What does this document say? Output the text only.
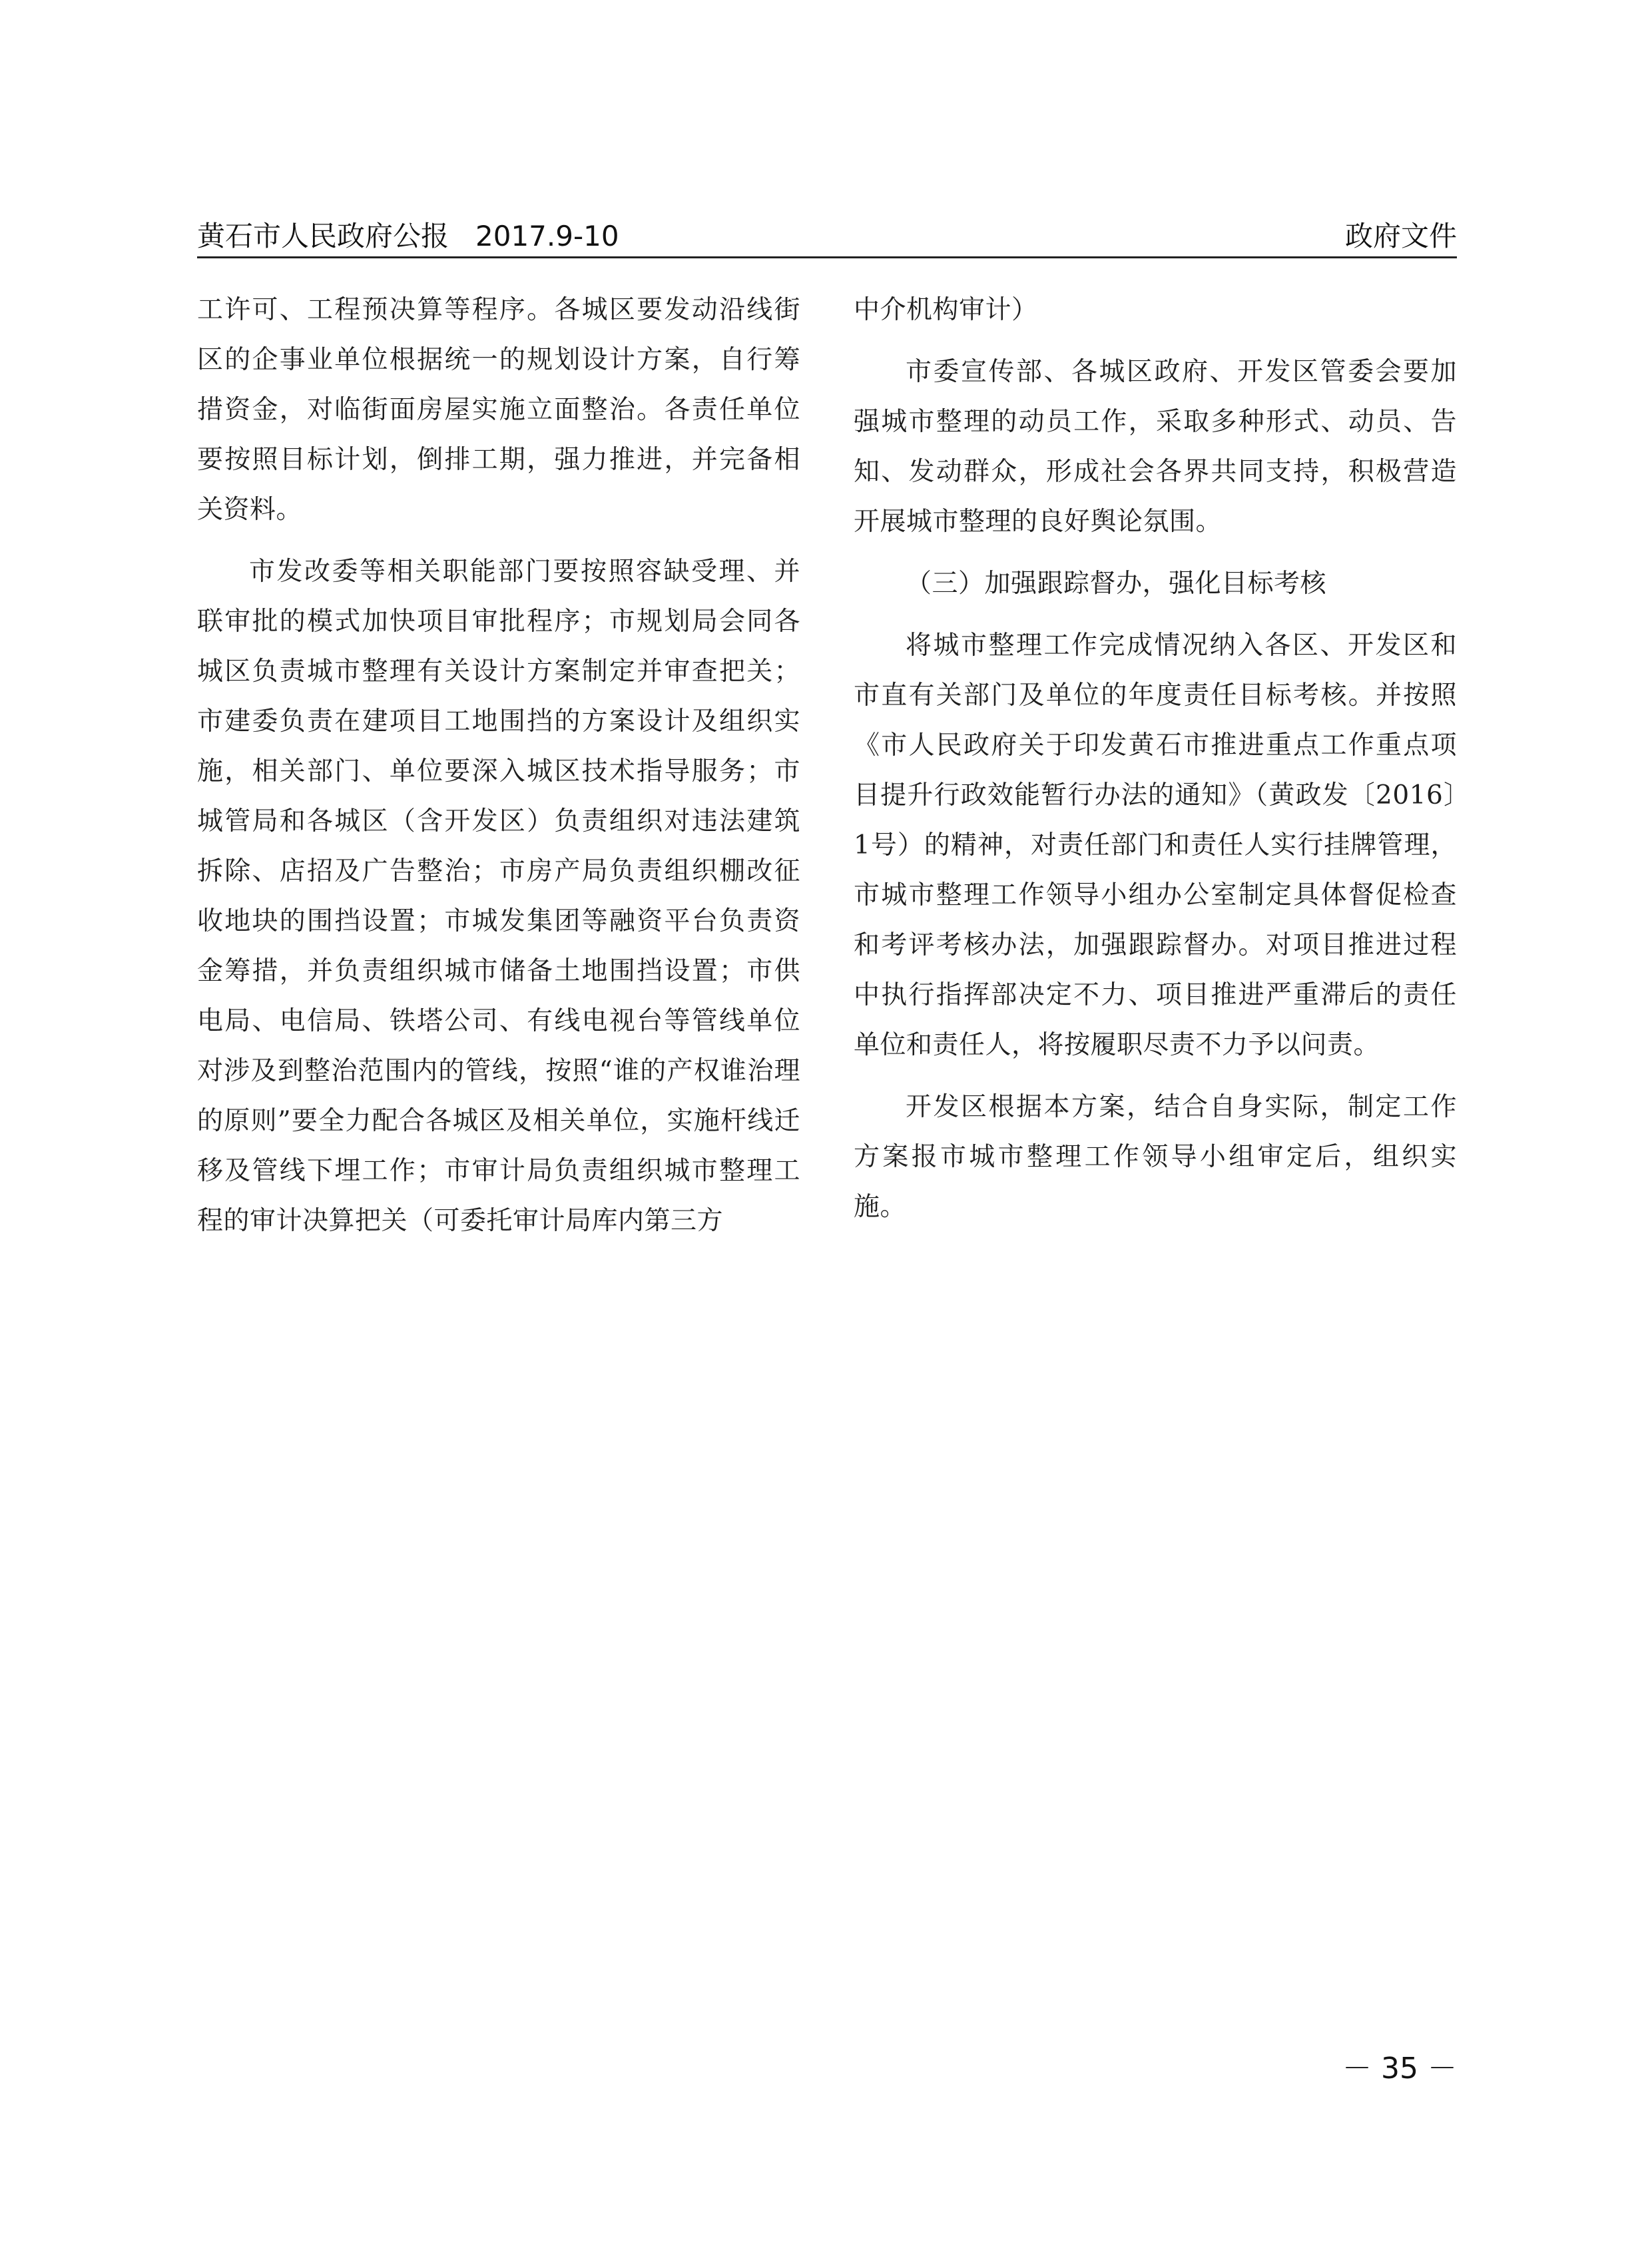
黄石市人民政府公报 2017.9-10	政府文件

工许可、工程预决算等程序。各城区要发动沿线街区的企事业单位根据统一的规划设计方案，自行筹措资金，对临街面房屋实施立面整治。各责任单位要按照目标计划，倒排工期，强力推进，并完备相关资料。

市发改委等相关职能部门要按照容缺受理、并联审批的模式加快项目审批程序；市规划局会同各城区负责城市整理有关设计方案制定并审查把关；市建委负责在建项目工地围挡的方案设计及组织实施，相关部门、单位要深入城区技术指导服务；市城管局和各城区（含开发区）负责组织对违法建筑拆除、店招及广告整治；市房产局负责组织棚改征收地块的围挡设置；市城发集团等融资平台负责资金筹措，并负责组织城市储备土地围挡设置；市供电局、电信局、铁塔公司、有线电视台等管线单位对涉及到整治范围内的管线，按照“谁的产权谁治理的原则”要全力配合各城区及相关单位，实施杆线迁移及管线下埋工作；市审计局负责组织城市整理工程的审计决算把关（可委托审计局库内第三方

中介机构审计）

市委宣传部、各城区政府、开发区管委会要加强城市整理的动员工作，采取多种形式、动员、告知、发动群众，形成社会各界共同支持，积极营造开展城市整理的良好舆论氛围。

（三）加强跟踪督办，强化目标考核

将城市整理工作完成情况纳入各区、开发区和市直有关部门及单位的年度责任目标考核。并按照《市人民政府关于印发黄石市推进重点工作重点项目提升行政效能暂行办法的通知》（黄政发〔2016〕1号）的精神，对责任部门和责任人实行挂牌管理，市城市整理工作领导小组办公室制定具体督促检查和考评考核办法，加强跟踪督办。对项目推进过程中执行指挥部决定不力、项目推进严重滞后的责任单位和责任人，将按履职尽责不力予以问责。

开发区根据本方案，结合自身实际，制定工作方案报市城市整理工作领导小组审定后，组织实施。

－ 35 －
